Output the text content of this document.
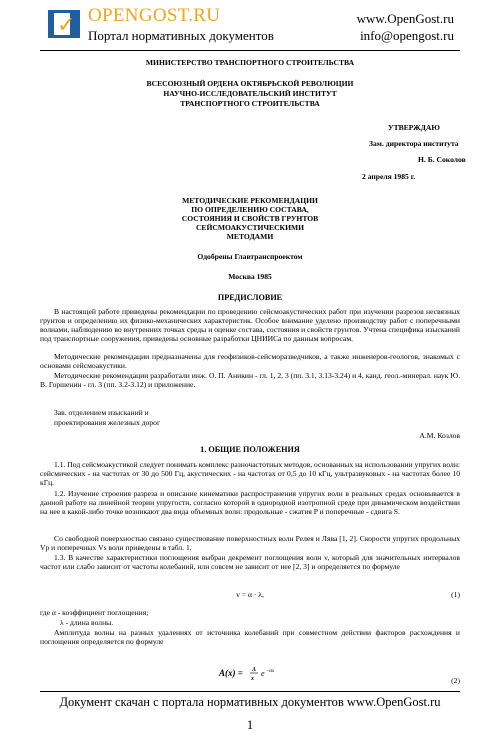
✓ OPENGOST.RU
Портал нормативных документов
www.OpenGost.ru
info@opengost.ru
МИНИСТЕРСТВО ТРАНСПОРТНОГО СТРОИТЕЛЬСТВА
ВСЕСОЮЗНЫЙ ОРДЕНА ОКТЯБРЬСКОЙ РЕВОЛЮЦИИ
НАУЧНО-ИССЛЕДОВАТЕЛЬСКИЙ ИНСТИТУТ
ТРАНСПОРТНОГО СТРОИТЕЛЬСТВА
УТВЕРЖДАЮ
Зам. директора института
Н. Б. Соколов
2 апреля 1985 г.
МЕТОДИЧЕСКИЕ РЕКОМЕНДАЦИИ
ПО ОПРЕДЕЛЕНИЮ СОСТАВА,
СОСТОЯНИЯ И СВОЙСТВ ГРУНТОВ
СЕЙСМОАКУСТИЧЕСКИМИ
МЕТОДАМИ
Одобрены Главтранспроектом
Москва 1985
ПРЕДИСЛОВИЕ
В настоящей работе приведены рекомендации по проведению сейсмоакустических работ при изучении разрезов несвязных грунтов и определению их физико-механических характеристик. Особое внимание уделено производству работ с поперечными волнами, наблюдению во внутренних точках среды и оценке состава, состояния и свойств грунтов. Учтена специфика изысканий под транспортные сооружения, приведены основные разработки ЦНИИСа по данным вопросам.
Методические рекомендации предназначены для геофизиков-сейсморазведчиков, а также инженеров-геологов, знакомых с основами сейсмоакустики.
Методические рекомендации разработали инж. О. П. Аникин - гл. 1, 2, 3 (пп. 3.1, 3.13-3.24) и 4, канд. геол.-минерал. наук Ю. В. Горшенин - гл. 3 (пп. 3.2-3.12) и приложение.
Зав. отделением изысканий и
проектирования железных дорог
А.М. Козлов
1. ОБЩИЕ ПОЛОЖЕНИЯ
1.1. Под сейсмоакустикой следует понимать комплекс разночастотных методов, основанных на использовании упругих волн: сейсмических - на частотах от 30 до 500 Гц, акустических - на частотах от 0,5 до 10 кГц, ультразвуковых - на частотах более 10 кГц.
1.2. Изучение строения разреза и описание кинематики распространения упругих волн в реальных средах основывается в данной работе на линейной теории упругости, согласно которой в однородной изотропной среде при динамическом воздействии на нее в какой-либо точке возникают два вида объемных волн: продольные - сжатия P и поперечные - сдвига S.
Со свободной поверхностью связано существование поверхностных волн Релея и Лява [1, 2]. Скорости упругих продольных Vp и поперечных Vs волн приведены в табл. 1.
1.3. В качестве характеристики поглощения выбран декремент поглощения волн v, который для значительных интервалов частот или слабо зависит от частоты колебаний, или совсем не зависит от нее [2, 3] и определяется по формуле
v = α · λ,	(1)
где α - коэффициент поглощения;
λ - длина волны.
Амплитуда волны на разных удалениях от источника колебаний при совместном действии факторов расхождения и поглощения определяется по формуле
A(x) = A
x
e −αx
(2)
Документ скачан с портала нормативных документов www.OpenGost.ru
1
